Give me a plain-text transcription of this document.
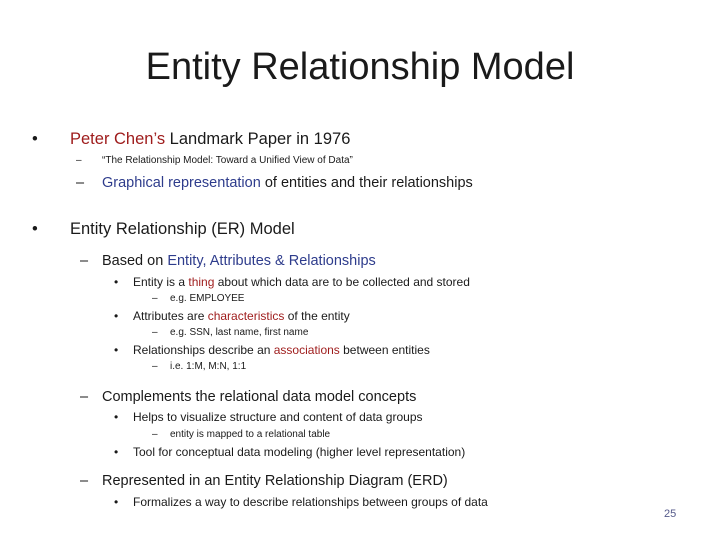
Entity Relationship Model
• Peter Chen’s Landmark Paper in 1976
– “The Relationship Model: Toward a Unified View of Data”
– Graphical representation of entities and their relationships
• Entity Relationship (ER) Model
– Based on Entity, Attributes & Relationships
• Entity is a thing about which data are to be collected and stored
– e.g. EMPLOYEE
• Attributes are characteristics of the entity
– e.g. SSN, last name, first name
• Relationships describe an associations between entities
– i.e. 1:M, M:N, 1:1
– Complements the relational data model concepts
• Helps to visualize structure and content of data groups
– entity is mapped to a relational table
• Tool for conceptual data modeling (higher level representation)
– Represented in an Entity Relationship Diagram (ERD)
• Formalizes a way to describe relationships between groups of data
25
